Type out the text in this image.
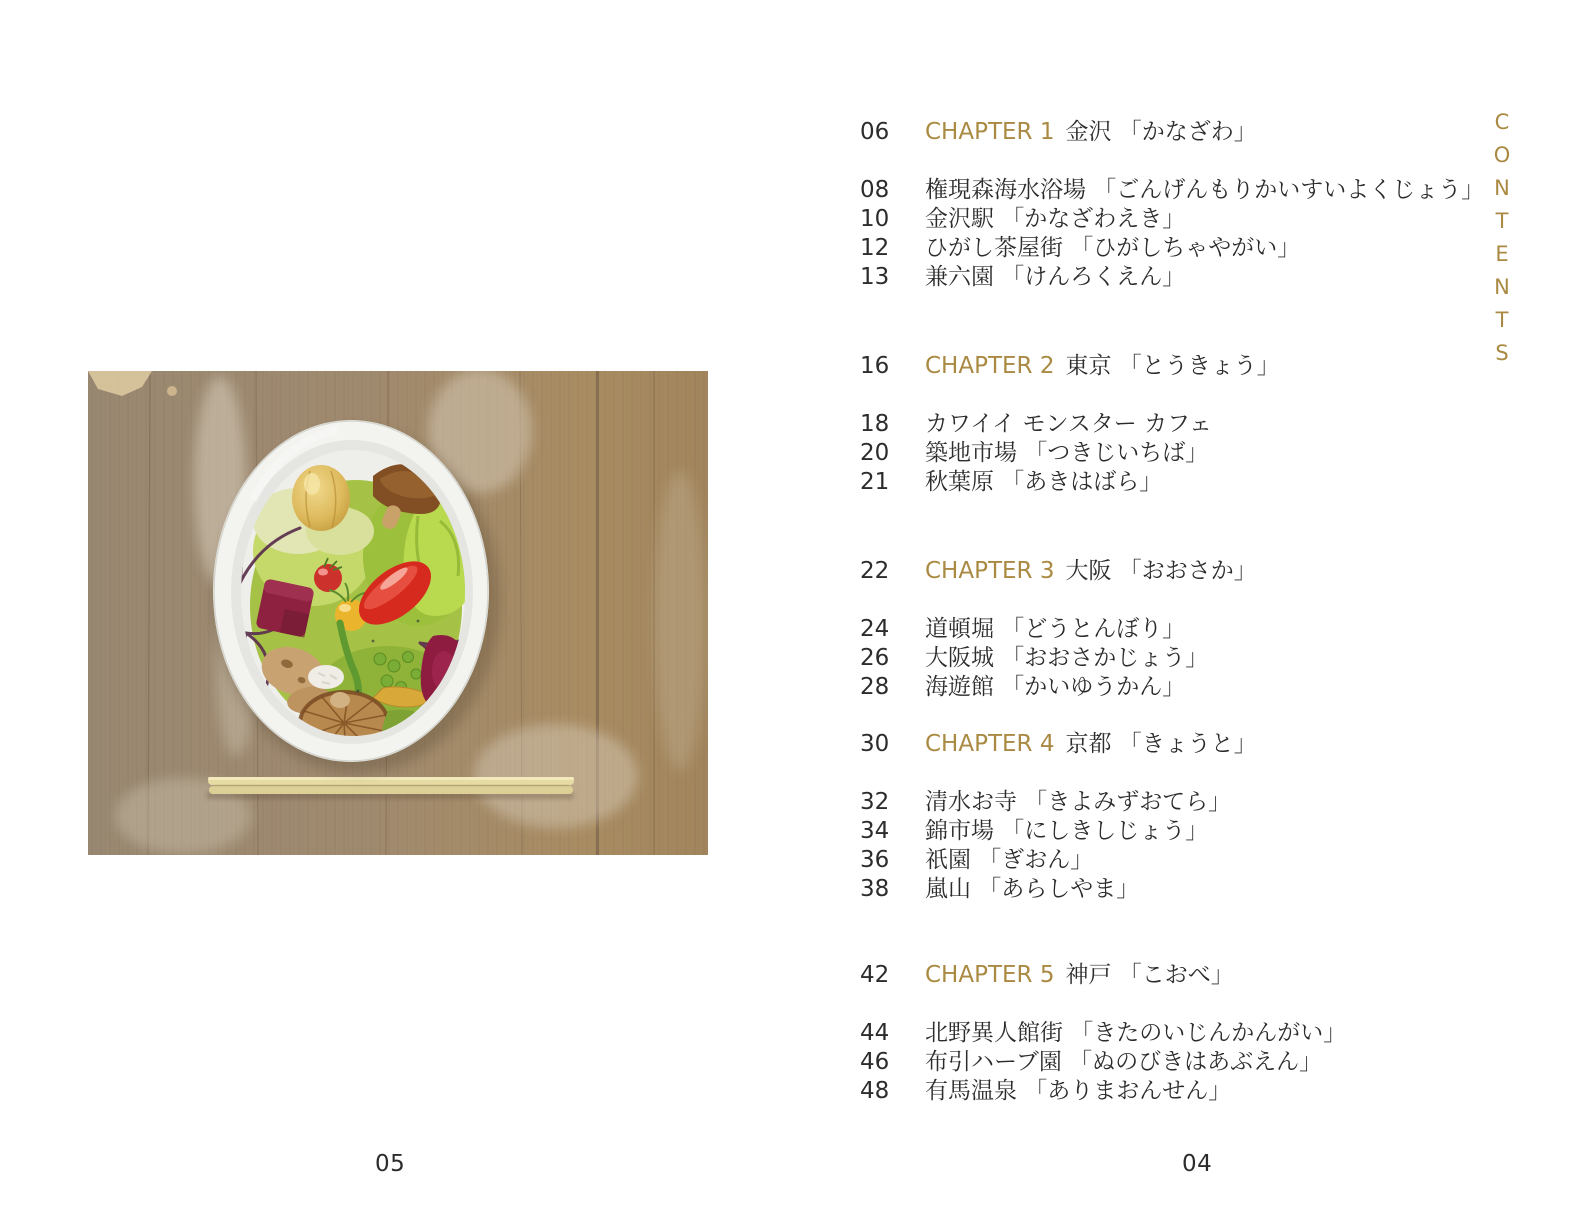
05
06	CHAPTER 1 金沢 「かなざわ」
08	権現森海水浴場 「ごんげんもりかいすいよくじょう」
10	金沢駅 「かなざわえき」
12	ひがし茶屋街 「ひがしちゃやがい」
13	兼六園 「けんろくえん」
16	CHAPTER 2 東京 「とうきょう」
18	カワイイ モンスター カフェ
20	築地市場 「つきじいちば」
21	秋葉原 「あきはばら」
22	CHAPTER 3 大阪 「おおさか」
24	道頓堀 「どうとんぼり」
26	大阪城 「おおさかじょう」
28	海遊館 「かいゆうかん」
30	CHAPTER 4 京都 「きょうと」
32	清水お寺 「きよみずおてら」
34	錦市場 「にしきしじょう」
36	祇園 「ぎおん」
38	嵐山 「あらしやま」
42	CHAPTER 5 神戸 「こおべ」
44	北野異人館街 「きたのいじんかんがい」
46	布引ハーブ園 「ぬのびきはあぶえん」
48	有馬温泉 「ありまおんせん」
CONTENTS
04
